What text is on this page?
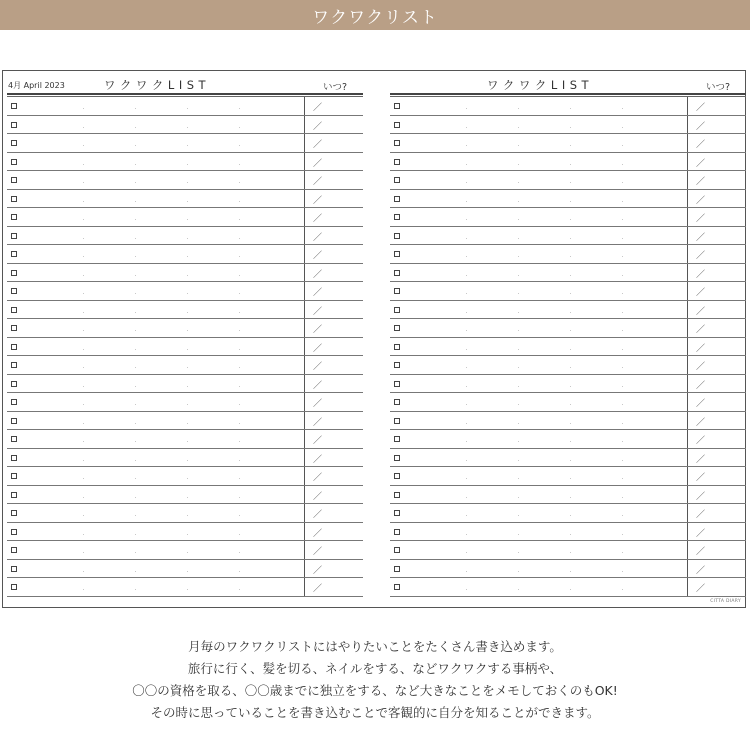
ワクワクリスト
4月 April 2023	ワクワクLIST	いつ?
／
／
／
／
／
／
／
／
／
／
／
／
／
／
／
／
／
／
／
／
／
／
／
／
／
／
／
ワクワクLIST	いつ?
／
／
／
／
／
／
／
／
／
／
／
／
／
／
／
／
／
／
／
／
／
／
／
／
／
／
／
CITTA DIARY

月毎のワクワクリストにはやりたいことをたくさん書き込めます。

旅行に行く、髪を切る、ネイルをする、などワクワクする事柄や、

〇〇の資格を取る、〇〇歳までに独立をする、など大きなことをメモしておくのもOK!

その時に思っていることを書き込むことで客観的に自分を知ることができます。
